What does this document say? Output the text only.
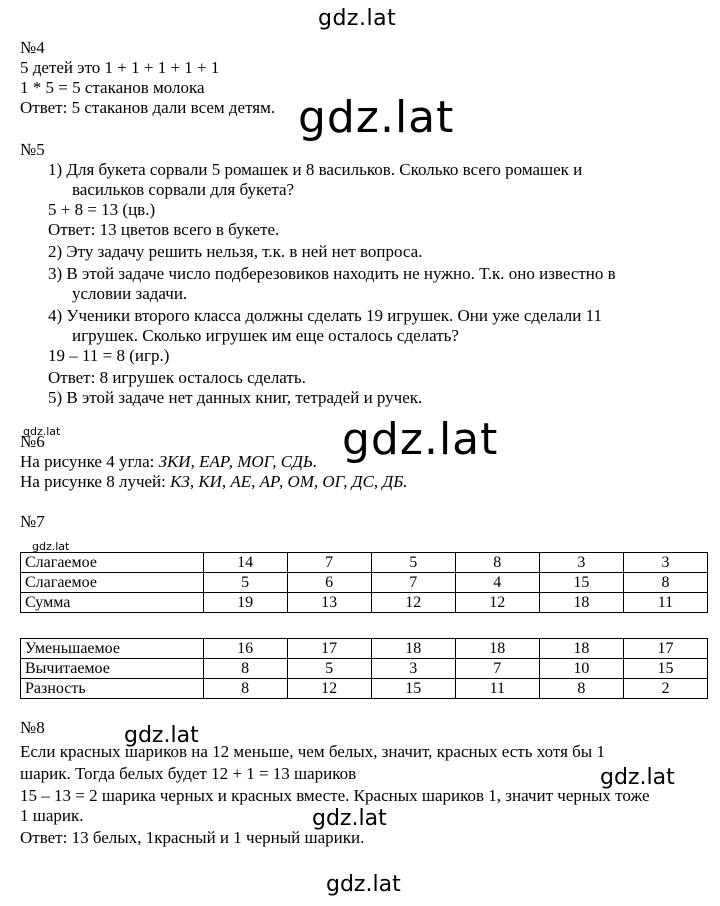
gdz.lat
gdz.lat
gdz.lat
gdz.lat
gdz.lat
gdz.lat
gdz.lat
gdz.lat
gdz.lat
№4
5 детей это 1 + 1 + 1 + 1 + 1
1 * 5 = 5 стаканов молока
Ответ: 5 стаканов дали всем детям.
№5
1) Для букета сорвали 5 ромашек и 8 васильков. Сколько всего ромашек и
васильков сорвали для букета?
5 + 8 = 13 (цв.)
Ответ: 13 цветов всего в букете.
2) Эту задачу решить нельзя, т.к. в ней нет вопроса.
3) В этой задаче число подберезовиков находить не нужно. Т.к. оно известно в
условии задачи.
4) Ученики второго класса должны сделать 19 игрушек. Они уже сделали 11
игрушек. Сколько игрушек им еще осталось сделать?
19 – 11 = 8 (игр.)
Ответ: 8 игрушек осталось сделать.
5) В этой задаче нет данных книг, тетрадей и ручек.
№6
На рисунке 4 угла: ЗКИ, ЕАР, МОГ, СДЬ.
На рисунке 8 лучей: КЗ, КИ, АЕ, АР, ОМ, ОГ, ДС, ДБ.
№7
Слагаемое	14	7	5	8	3	3
Слагаемое	5	6	7	4	15	8
Сумма	19	13	12	12	18	11
Уменьшаемое	16	17	18	18	18	17
Вычитаемое	8	5	3	7	10	15
Разность	8	12	15	11	8	2
№8
Если красных шариков на 12 меньше, чем белых, значит, красных есть хотя бы 1
шарик. Тогда белых будет 12 + 1 = 13 шариков
15 – 13 = 2 шарика черных и красных вместе. Красных шариков 1, значит черных тоже
1 шарик.
Ответ: 13 белых, 1красный и 1 черный шарики.
